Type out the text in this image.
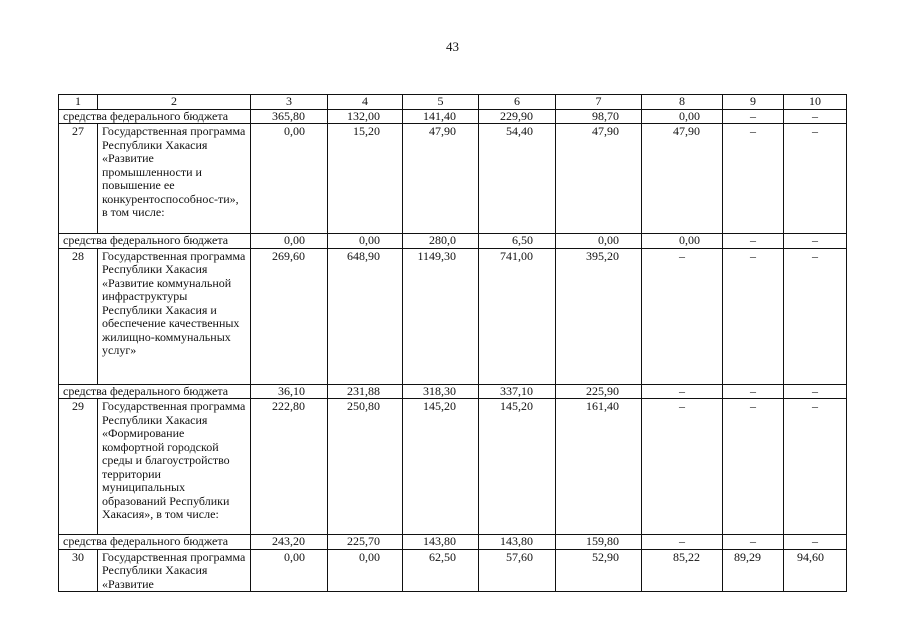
43
1	2	3	4	5	6	7	8	9	10
средства федерального бюджета		365,80	132,00	141,40	229,90	98,70	0,00	–	–
27	Государственная программа Республики Хакасия «Развитие промышленности и повышение ее конкурентоспособнос-ти», в том числе:	0,00	15,20	47,90	54,40	47,90	47,90	–	–
средства федерального бюджета		0,00	0,00	280,0	6,50	0,00	0,00	–	–
28	Государственная программа Республики Хакасия «Развитие коммунальной инфраструктуры Республики Хакасия и обеспечение качественных жилищно-коммунальных услуг»	269,60	648,90	1149,30	741,00	395,20	–	–	–
средства федерального бюджета		36,10	231,88	318,30	337,10	225,90	–	–	–
29	Государственная программа Республики Хакасия «Формирование комфортной городской среды и благоустройство территории муниципальных образований Республики Хакасия», в том числе:	222,80	250,80	145,20	145,20	161,40	–	–	–
средства федерального бюджета		243,20	225,70	143,80	143,80	159,80	–	–	–
30	Государственная программа Республики Хакасия «Развитие	0,00	0,00	62,50	57,60	52,90	85,22	89,29	94,60
